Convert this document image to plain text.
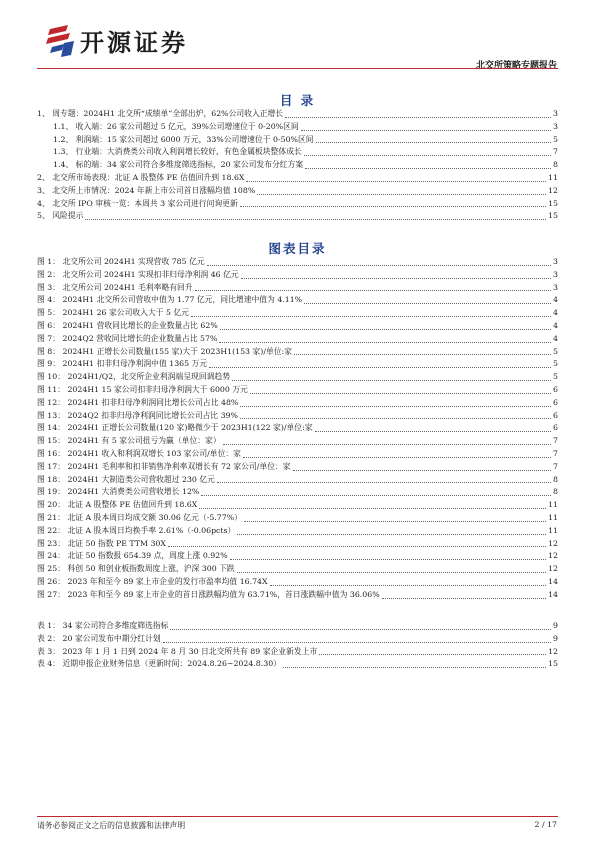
开源证券
北交所策略专题报告
目 录
1、 周专题：2024H1 北交所“成绩单”全部出炉，62%公司收入正增长	3
1.1、 收入端：26 家公司超过 5 亿元，39%公司增速位于 0-20%区间	3
1.2、 利润端：15 家公司超过 6000 万元，33%公司增速位于 0-50%区间	5
1.3、 行业端：大消费类公司收入利润增长较好，有色金属板块整体成长	7
1.4、 标的端：34 家公司符合多维度筛选指标，20 家公司发布分红方案	8
2、 北交所市场表现：北证 A 股整体 PE 估值回升到 18.6X	11
3、 北交所上市情况：2024 年新上市公司首日涨幅均值 108%	12
4、 北交所 IPO 审核一览：本周共 3 家公司进行问询更新	15
5、 风险提示	15
图表目录
图 1： 北交所公司 2024H1 实现营收 785 亿元	3
图 2： 北交所公司 2024H1 实现扣非归母净利润 46 亿元	3
图 3： 北交所公司 2024H1 毛利率略有回升	3
图 4： 2024H1 北交所公司营收中值为 1.77 亿元，同比增速中值为 4.11%	4
图 5： 2024H1 26 家公司收入大于 5 亿元	4
图 6： 2024H1 营收同比增长的企业数量占比 62%	4
图 7： 2024Q2 营收同比增长的企业数量占比 57%	4
图 8： 2024H1 正增长公司数量(155 家)大于 2023H1(153 家)/单位:家	5
图 9： 2024H1 扣非归母净利润中值 1365 万元	5
图 10： 2024H1/Q2，北交所企业利润端呈现回调趋势	5
图 11： 2024H1 15 家公司扣非归母净利润大于 6000 万元	6
图 12： 2024H1 扣非归母净利润同比增长公司占比 48%	6
图 13： 2024Q2 扣非归母净利润同比增长公司占比 39%	6
图 14： 2024H1 正增长公司数量(120 家)略微少于 2023H1(122 家)/单位:家	6
图 15： 2024H1 有 5 家公司扭亏为赢（单位：家）	7
图 16： 2024H1 收入和利润双增长 103 家公司/单位：家	7
图 17： 2024H1 毛利率和扣非销售净利率双增长有 72 家公司/单位：家	7
图 18： 2024H1 大制造类公司营收超过 230 亿元	8
图 19： 2024H1 大消费类公司营收增长 12%	8
图 20： 北证 A 股整体 PE 估值回升到 18.6X	11
图 21： 北证 A 股本周日均成交额 30.06 亿元（-5.77%）	11
图 22： 北证 A 股本周日均换手率 2.61%（-0.06pcts）	11
图 23： 北证 50 指数 PE TTM 30X	12
图 24： 北证 50 指数报 654.39 点，周度上涨 0.92%	12
图 25： 科创 50 和创业板指数周度上涨，沪深 300 下跌	12
图 26： 2023 年和至今 89 家上市企业的发行市盈率均值 16.74X	14
图 27： 2023 年和至今 89 家上市企业的首日涨跌幅均值为 63.71%，首日涨跌幅中值为 36.06%	14
表 1： 34 家公司符合多维度筛选指标	9
表 2： 20 家公司发布中期分红计划	9
表 3： 2023 年 1 月 1 日到 2024 年 8 月 30 日北交所共有 89 家企业新发上市	12
表 4： 近期申报企业财务信息（更新时间：2024.8.26~2024.8.30）	15
请务必参阅正文之后的信息披露和法律声明	2 / 17
